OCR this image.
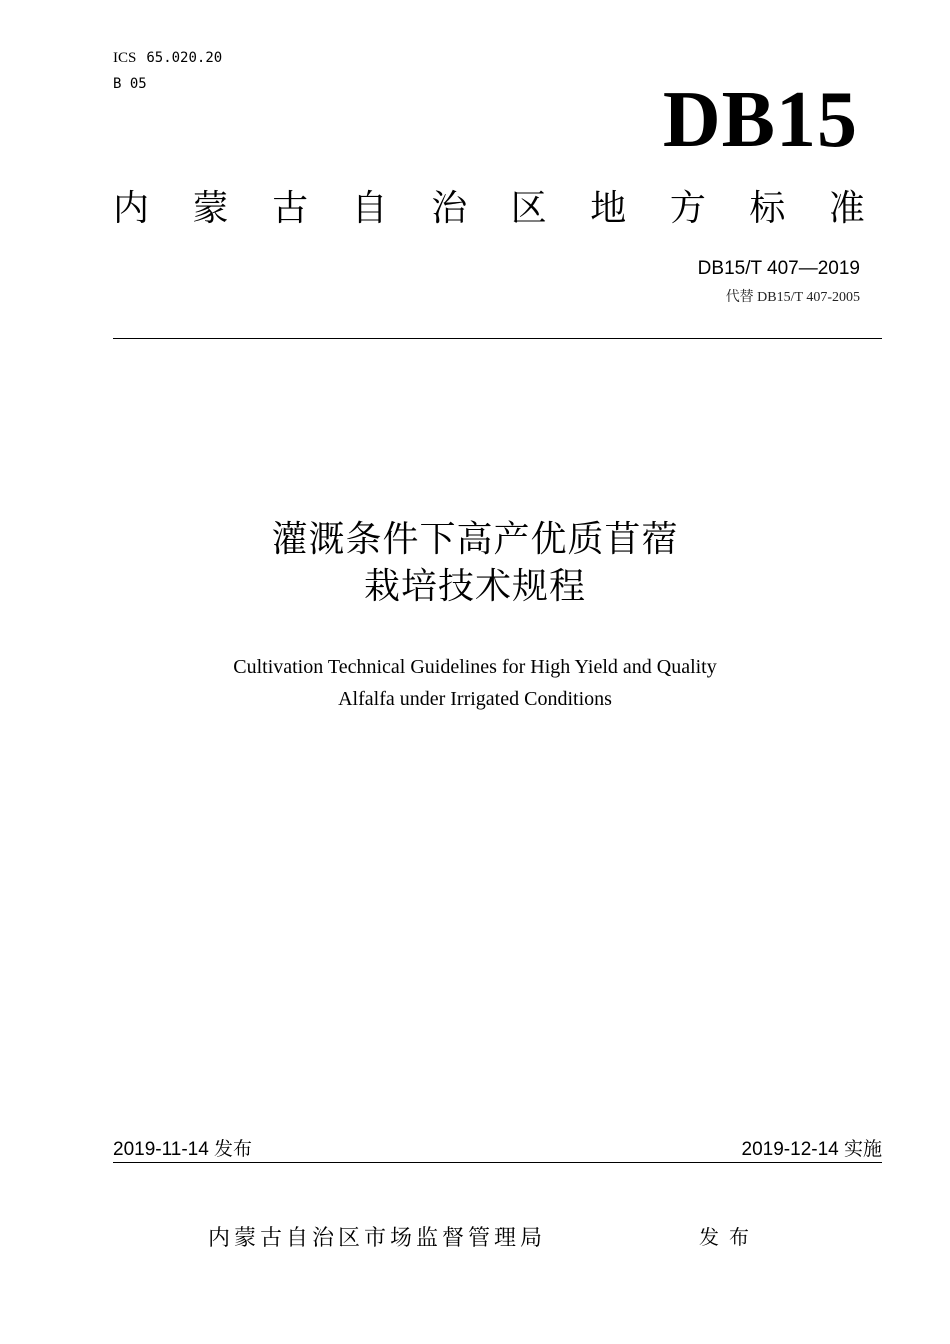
ICS 65.020.20
B 05	DB15
内 蒙 古 自 治 区 地 方 标 准
DB15/T 407—2019
代替 DB15/T 407-2005
灌溉条件下高产优质苜蓿
栽培技术规程
Cultivation Technical Guidelines for High Yield and Quality
Alfalfa under Irrigated Conditions
2019-11-14 发布	2019-12-14 实施
内蒙古自治区市场监督管理局	发布
